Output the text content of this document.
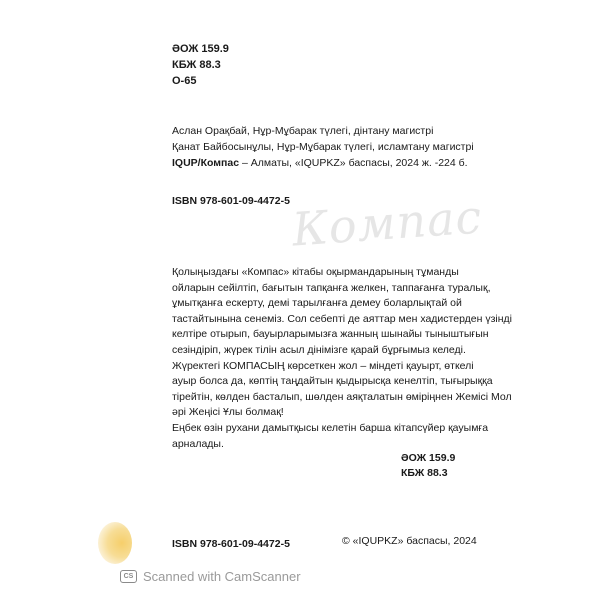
ӘОЖ 159.9
КБЖ 88.3
О-65
Аслан Орақбай, Нұр-Мұбарак түлегі, дінтану магистрі
Қанат Байбосынұлы, Нұр-Мұбарак түлегі, исламтану магистрі
IQUP/Компас – Алматы, «IQUPKZ» баспасы, 2024 ж. -224 б.
ISBN 978-601-09-4472-5 Компас
Қолыңыздағы «Компас» кітабы оқырмандарының тұманды
ойларын сейілтіп, бағытын тапқанға желкен, таппағанға туралық,
ұмытқанға ескерту, демі тарылғанға демеу боларлықтай ой
тастайтынына сенеміз. Сол себепті де аяттар мен хадистерден үзінді
келтіре отырып, бауырларымызға жанның шынайы тыныштығын
сезіндіріп, жүрек тілін асыл дінімізге қарай бұрғымыз келеді.
Жүректегі КОМПАСЫҢ көрсеткен жол – міндеті қауырт, өткелі
ауыр болса да, көптің таңдайтын қыдырысқа кенелтіп, тығырыққа
тірейтін, көлден басталып, шөлден аяқталатын өміріңнен Жемісі Мол
әрі Жеңісі Ұлы болмақ!
Еңбек өзін рухани дамытқысы келетін барша кітапсүйер қауымға
арналады.
ӘОЖ 159.9
КБЖ 88.3
ISBN 978-601-09-4472-5	© «IQUPKZ» баспасы, 2024
CS Scanned with CamScanner
